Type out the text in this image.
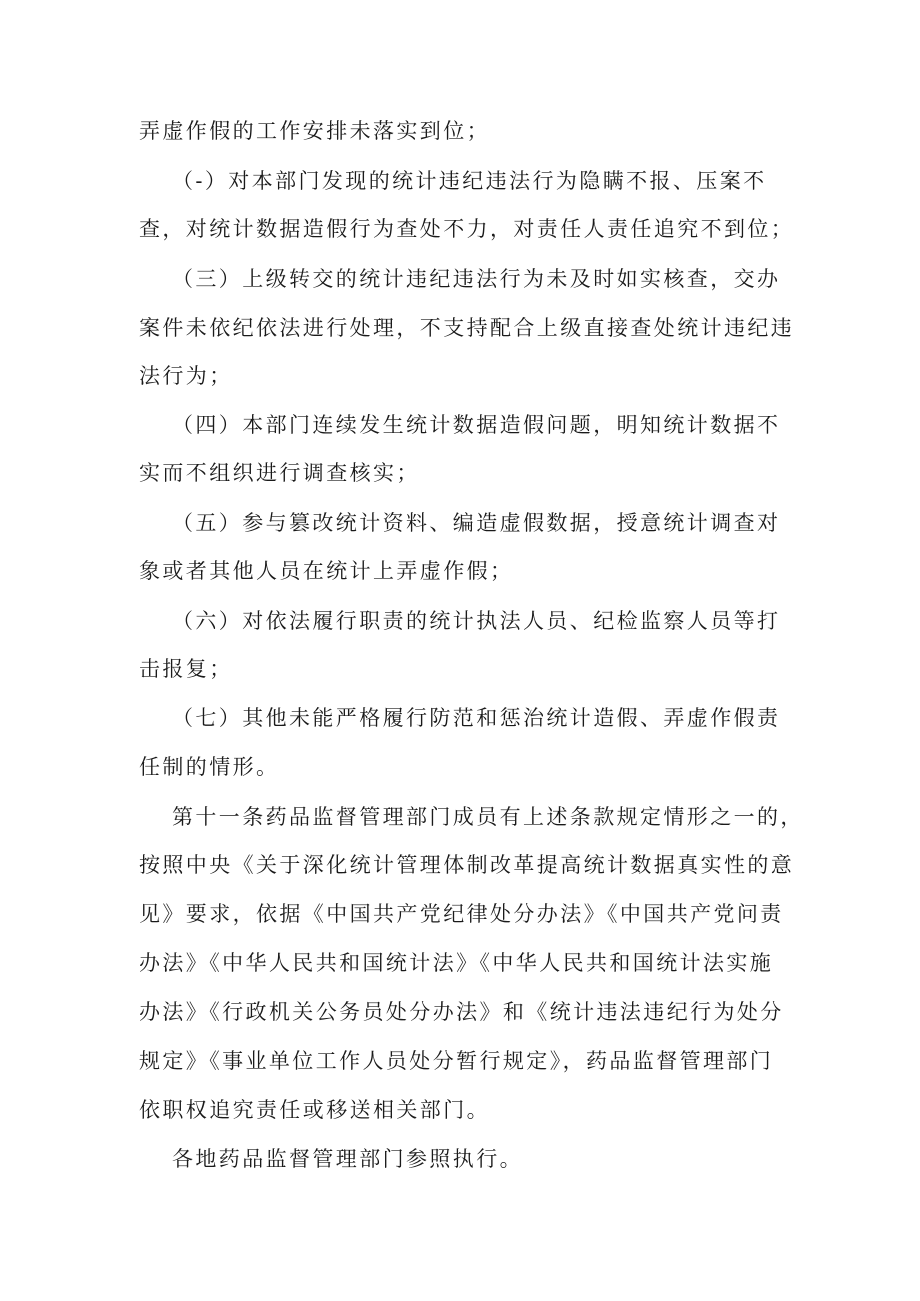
弄虚作假的工作安排未落实到位；
（-）对本部门发现的统计违纪违法行为隐瞒不报、压案不
查，对统计数据造假行为查处不力，对责任人责任追究不到位；
（三）上级转交的统计违纪违法行为未及时如实核查，交办
案件未依纪依法进行处理，不支持配合上级直接查处统计违纪违
法行为；
（四）本部门连续发生统计数据造假问题，明知统计数据不
实而不组织进行调查核实；
（五）参与篡改统计资料、编造虚假数据，授意统计调查对
象或者其他人员在统计上弄虚作假；
（六）对依法履行职责的统计执法人员、纪检监察人员等打
击报复；
（七）其他未能严格履行防范和惩治统计造假、弄虚作假责
任制的情形。
第十一条药品监督管理部门成员有上述条款规定情形之一的，
按照中央《关于深化统计管理体制改革提高统计数据真实性的意
见》要求，依据《中国共产党纪律处分办法》《中国共产党问责
办法》《中华人民共和国统计法》《中华人民共和国统计法实施
办法》《行政机关公务员处分办法》和《统计违法违纪行为处分
规定》《事业单位工作人员处分暂行规定》，药品监督管理部门
依职权追究责任或移送相关部门。
各地药品监督管理部门参照执行。
